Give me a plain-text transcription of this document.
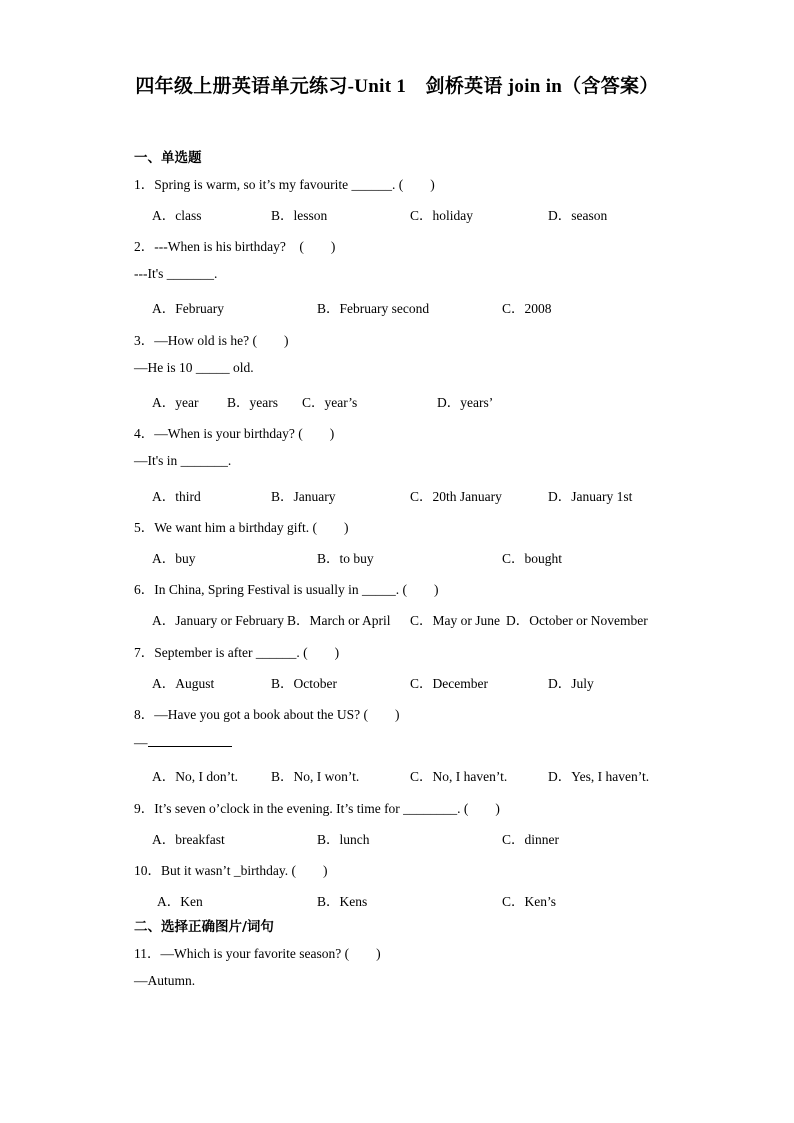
四年级上册英语单元练习-Unit 1　剑桥英语 join in（含答案）
一、单选题
1．Spring is warm, so it’s my favourite ______. (　　)
A．class	B．lesson	C．holiday	D．season
2．---When is his birthday?　(　　)
---It's _______.
A．February	B．February second	C．2008
3．—How old is he? (　　)
—He is 10 _____ old.
A．year B．years C．year’s	D．years’
4．—When is your birthday? (　　)
—It's in _______.
A．third	B．January	C．20th January	D．January 1st
5．We want him a birthday gift. (　　)
A．buy	B．to buy	C．bought
6．In China, Spring Festival is usually in _____. (　　)
A．January or February B．March or April C．May or June D．October or November
7．September is after ______. (　　)
A．August	B．October	C．December	D．July
8．—Have you got a book about the US? (　　)
—
A．No, I don’t. B．No, I won’t.	C．No, I haven’t.	D．Yes, I haven’t.
9．It’s seven o’clock in the evening. It’s time for ________. (　　)
A．breakfast	B．lunch	C．dinner
10．But it wasn’t _birthday. (　　)
A．Ken	B．Kens	C．Ken’s
二、选择正确图片/词句
11．—Which is your favorite season? (　　)
—Autumn.
